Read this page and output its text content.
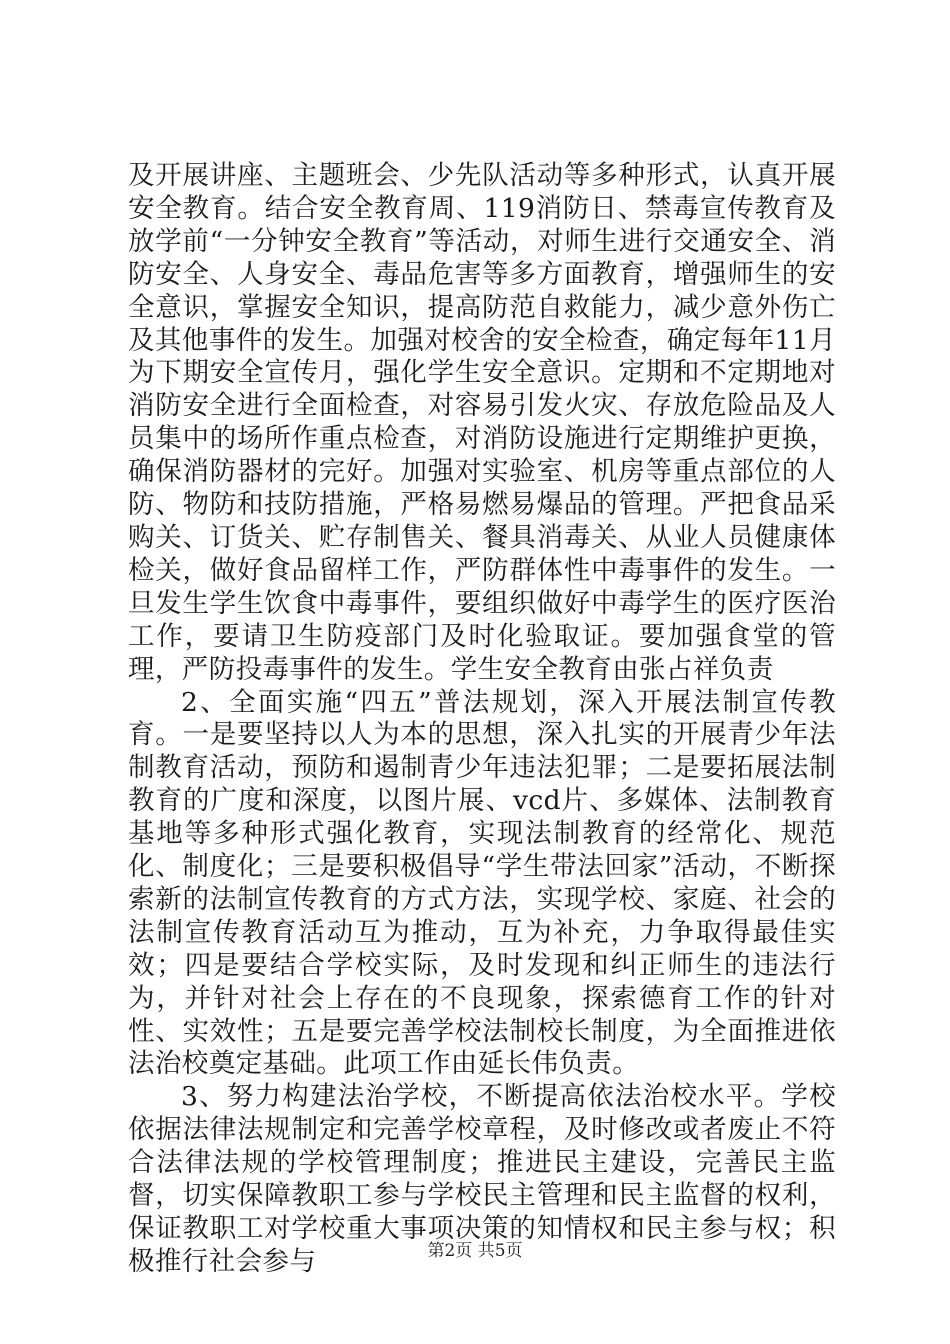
及开展讲座、主题班会、少先队活动等多种形式，认真开展安全教育。结合安全教育周、119消防日、禁毒宣传教育及放学前“一分钟安全教育”等活动，对师生进行交通安全、消防安全、人身安全、毒品危害等多方面教育，增强师生的安全意识，掌握安全知识，提高防范自救能力，减少意外伤亡及其他事件的发生。加强对校舍的安全检查，确定每年11月为下期安全宣传月，强化学生安全意识。定期和不定期地对消防安全进行全面检查，对容易引发火灾、存放危险品及人员集中的场所作重点检查，对消防设施进行定期维护更换，确保消防器材的完好。加强对实验室、机房等重点部位的人防、物防和技防措施，严格易燃易爆品的管理。严把食品采购关、订货关、贮存制售关、餐具消毒关、从业人员健康体检关，做好食品留样工作，严防群体性中毒事件的发生。一旦发生学生饮食中毒事件，要组织做好中毒学生的医疗医治工作，要请卫生防疫部门及时化验取证。要加强食堂的管理，严防投毒事件的发生。学生安全教育由张占祥负责

2、全面实施“四五”普法规划，深入开展法制宣传教育。一是要坚持以人为本的思想，深入扎实的开展青少年法制教育活动，预防和遏制青少年违法犯罪；二是要拓展法制教育的广度和深度，以图片展、vcd片、多媒体、法制教育基地等多种形式强化教育，实现法制教育的经常化、规范化、制度化；三是要积极倡导“学生带法回家”活动，不断探索新的法制宣传教育的方式方法，实现学校、家庭、社会的法制宣传教育活动互为推动，互为补充，力争取得最佳实效；四是要结合学校实际，及时发现和纠正师生的违法行为，并针对社会上存在的不良现象，探索德育工作的针对性、实效性；五是要完善学校法制校长制度，为全面推进依法治校奠定基础。此项工作由延长伟负责。

3、努力构建法治学校，不断提高依法治校水平。学校依据法律法规制定和完善学校章程，及时修改或者废止不符合法律法规的学校管理制度；推进民主建设，完善民主监督，切实保障教职工参与学校民主管理和民主监督的权利，保证教职工对学校重大事项决策的知情权和民主参与权；积极推行社会参与	第2页 共5页
